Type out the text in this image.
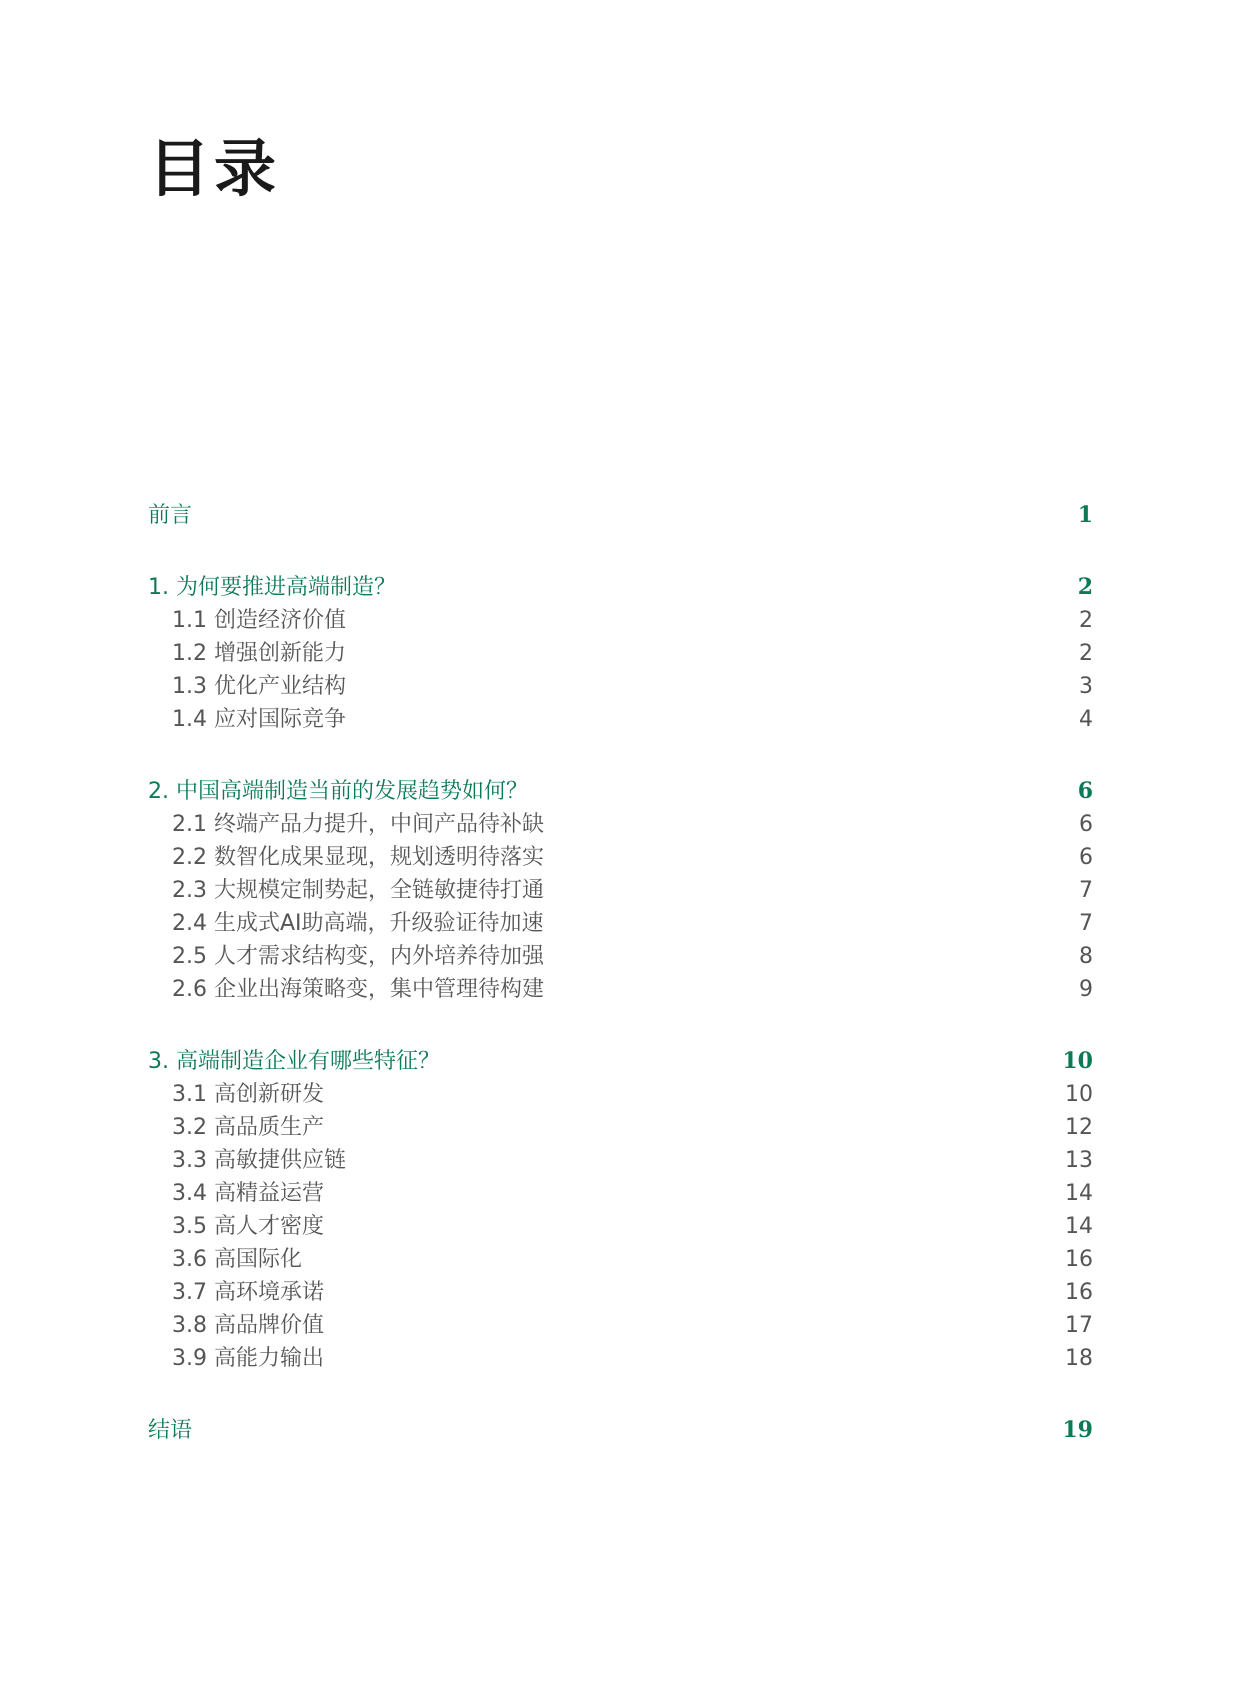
目录
前言	1
1. 为何要推进高端制造？	2
1.1 创造经济价值	2
1.2 增强创新能力	2
1.3 优化产业结构	3
1.4 应对国际竞争	4
2. 中国高端制造当前的发展趋势如何？	6
2.1 终端产品力提升，中间产品待补缺	6
2.2 数智化成果显现，规划透明待落实	6
2.3 大规模定制势起，全链敏捷待打通	7
2.4 生成式AI助高端，升级验证待加速	7
2.5 人才需求结构变，内外培养待加强	8
2.6 企业出海策略变，集中管理待构建	9
3. 高端制造企业有哪些特征？	10
3.1 高创新研发	10
3.2 高品质生产	12
3.3 高敏捷供应链	13
3.4 高精益运营	14
3.5 高人才密度	14
3.6 高国际化	16
3.7 高环境承诺	16
3.8 高品牌价值	17
3.9 高能力输出	18
结语	19
